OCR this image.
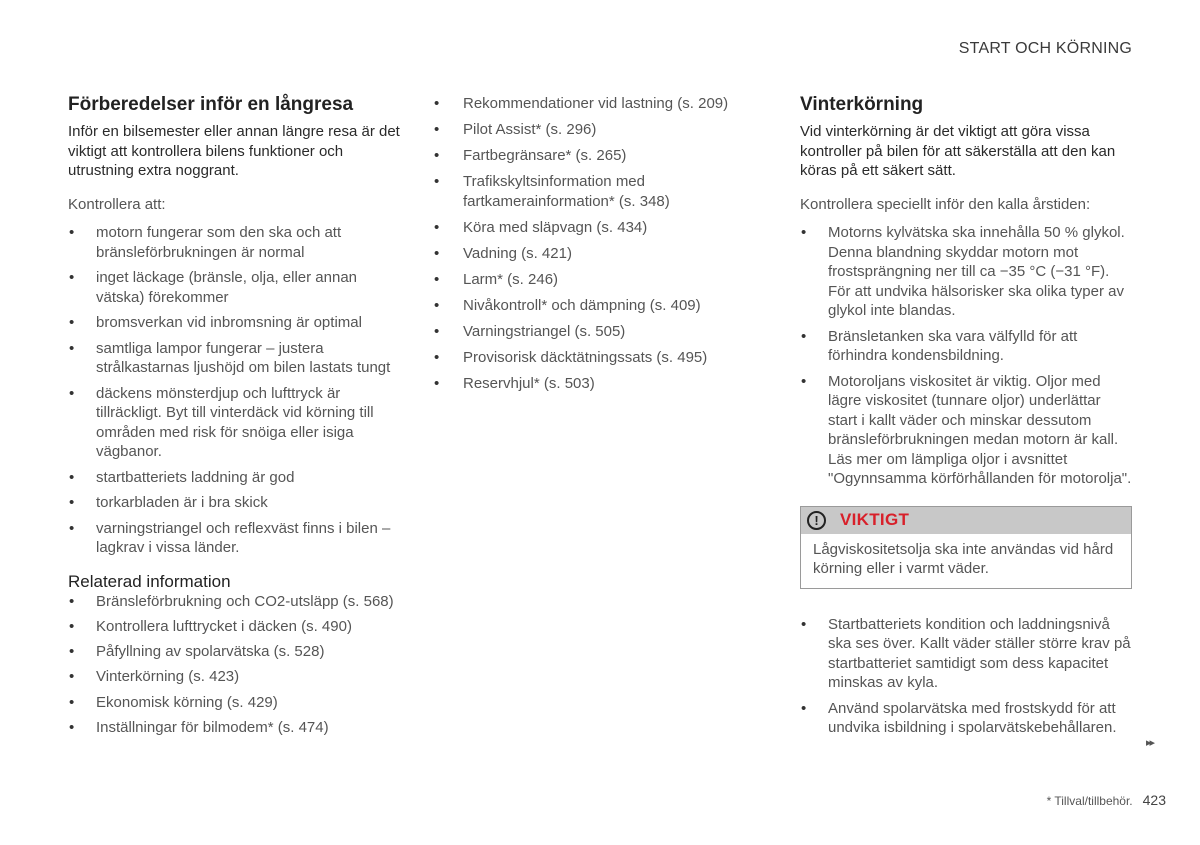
START OCH KÖRNING
Förberedelser inför en långresa

Inför en bilsemester eller annan längre resa är det viktigt att kontrollera bilens funktioner och utrustning extra noggrant.

Kontrollera att:

• motorn fungerar som den ska och att bränsleförbrukningen är normal
• inget läckage (bränsle, olja, eller annan vätska) förekommer
• bromsverkan vid inbromsning är optimal
• samtliga lampor fungerar – justera strålkastarnas ljushöjd om bilen lastats tungt
• däckens mönsterdjup och lufttryck är tillräckligt. Byt till vinterdäck vid körning till områden med risk för snöiga eller isiga vägbanor.
• startbatteriets laddning är god
• torkarbladen är i bra skick
• varningstriangel och reflexväst finns i bilen – lagkrav i vissa länder.
Relaterad information
• Bränsleförbrukning och CO2-utsläpp (s. 568)
• Kontrollera lufttrycket i däcken (s. 490)
• Påfyllning av spolarvätska (s. 528)
• Vinterkörning (s. 423)
• Ekonomisk körning (s. 429)
• Inställningar för bilmodem* (s. 474)
• Rekommendationer vid lastning (s. 209)
• Pilot Assist* (s. 296)
• Fartbegränsare* (s. 265)
• Trafikskyltsinformation med fartkamerainformation* (s. 348)
• Köra med släpvagn (s. 434)
• Vadning (s. 421)
• Larm* (s. 246)
• Nivåkontroll* och dämpning (s. 409)
• Varningstriangel (s. 505)
• Provisorisk däcktätningssats (s. 495)
• Reservhjul* (s. 503)
Vinterkörning

Vid vinterkörning är det viktigt att göra vissa kontroller på bilen för att säkerställa att den kan köras på ett säkert sätt.

Kontrollera speciellt inför den kalla årstiden:

• Motorns kylvätska ska innehålla 50 % glykol. Denna blandning skyddar motorn mot frostsprängning ner till ca −35 °C (−31 °F). För att undvika hälsorisker ska olika typer av glykol inte blandas.
• Bränsletanken ska vara välfylld för att förhindra kondensbildning.
• Motoroljans viskositet är viktig. Oljor med lägre viskositet (tunnare oljor) underlättar start i kallt väder och minskar dessutom bränsleförbrukningen medan motorn är kall. Läs mer om lämpliga oljor i avsnittet "Ogynnsamma körförhållanden för motorolja".
!	VIKTIGT
Lågviskositetsolja ska inte användas vid hård körning eller i varmt väder.
• Startbatteriets kondition och laddningsnivå ska ses över. Kallt väder ställer större krav på startbatteriet samtidigt som dess kapacitet minskas av kyla.
• Använd spolarvätska med frostskydd för att undvika isbildning i spolarvätskebehållaren.
▸▸
* Tillval/tillbehör. 423
